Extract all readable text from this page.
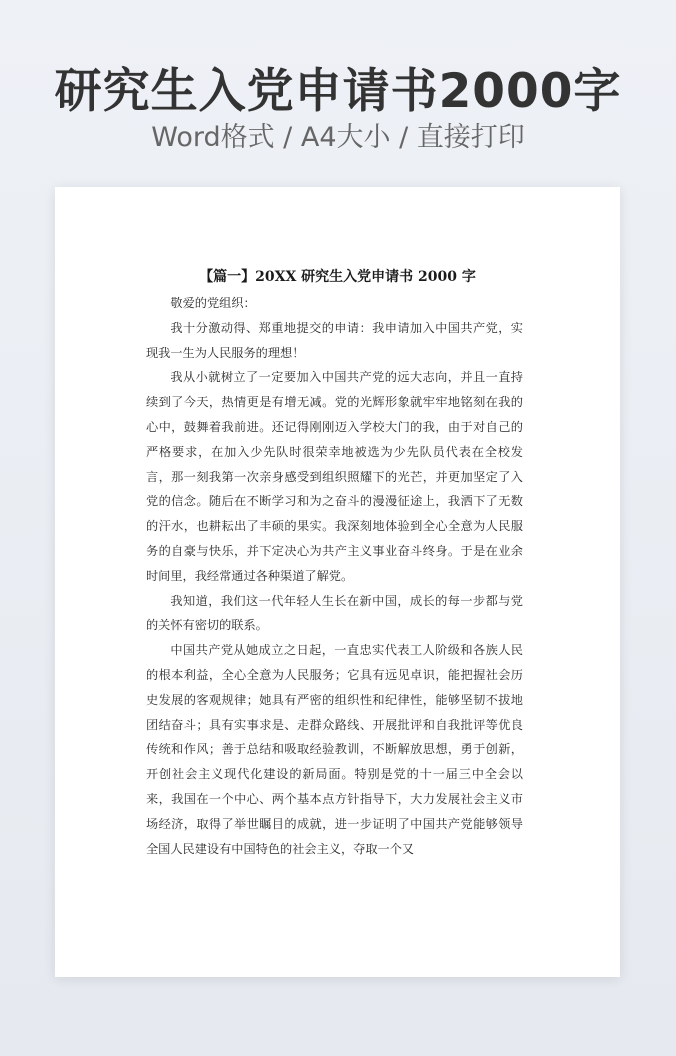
研究生入党申请书2000字
Word格式 / A4大小 / 直接打印
【篇一】20XX 研究生入党申请书 2000 字

敬爱的党组织：

我十分激动得、郑重地提交的申请：我申请加入中国共产党，实现我一生为人民服务的理想！

我从小就树立了一定要加入中国共产党的远大志向，并且一直持续到了今天，热情更是有增无减。党的光辉形象就牢牢地铭刻在我的心中，鼓舞着我前进。还记得刚刚迈入学校大门的我，由于对自己的严格要求，在加入少先队时很荣幸地被选为少先队员代表在全校发言，那一刻我第一次亲身感受到组织照耀下的光芒，并更加坚定了入党的信念。随后在不断学习和为之奋斗的漫漫征途上，我洒下了无数的汗水，也耕耘出了丰硕的果实。我深刻地体验到全心全意为人民服务的自豪与快乐，并下定决心为共产主义事业奋斗终身。于是在业余时间里，我经常通过各种渠道了解党。

我知道，我们这一代年轻人生长在新中国，成长的每一步都与党的关怀有密切的联系。

中国共产党从她成立之日起，一直忠实代表工人阶级和各族人民的根本利益，全心全意为人民服务；它具有远见卓识，能把握社会历史发展的客观规律；她具有严密的组织性和纪律性，能够坚韧不拔地团结奋斗；具有实事求是、走群众路线、开展批评和自我批评等优良传统和作风；善于总结和吸取经验教训，不断解放思想，勇于创新，开创社会主义现代化建设的新局面。特别是党的十一届三中全会以来，我国在一个中心、两个基本点方针指导下，大力发展社会主义市场经济，取得了举世瞩目的成就，进一步证明了中国共产党能够领导全国人民建设有中国特色的社会主义，夺取一个又
